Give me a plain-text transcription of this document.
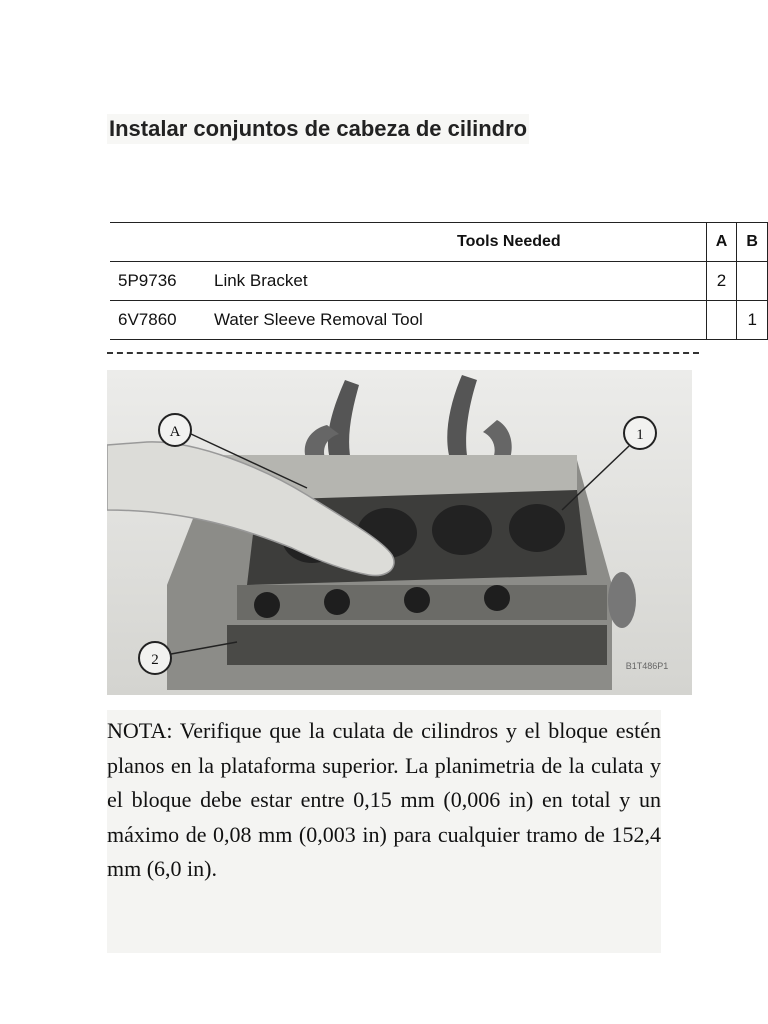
Instalar conjuntos de cabeza de cilindro
Tools Needed	A	B
5P9736 Link Bracket	2	
6V7860 Water Sleeve Removal Tool		1
A	1
2	B1T486P1

NOTA: Verifique que la culata de cilindros y el bloque estén planos en la plataforma superior. La planimetria de la culata y el bloque debe estar entre 0,15 mm (0,006 in) en total y un máximo de 0,08 mm (0,003 in) para cualquier tramo de 152,4 mm (6,0 in).
